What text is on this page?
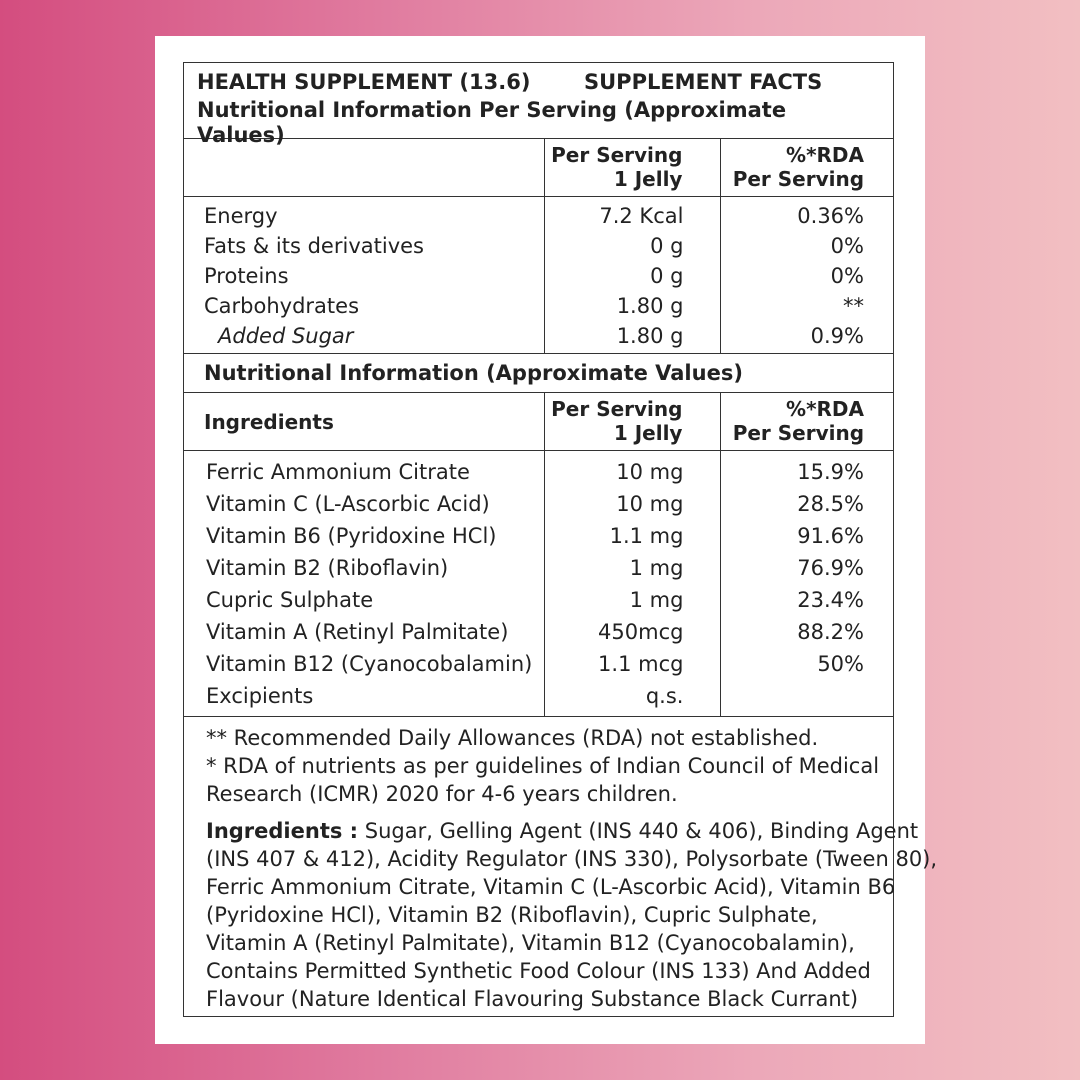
HEALTH SUPPLEMENT (13.6)	SUPPLEMENT FACTS
Nutritional Information Per Serving (Approximate Values)
Per Serving
1 Jelly
%*RDA
Per Serving
Energy
Fats & its derivatives
Proteins
Carbohydrates
Added Sugar
7.2 Kcal
0 g
0 g
1.80 g
1.80 g
0.36%
0%
0%
**
0.9%
Nutritional Information (Approximate Values)
Ingredients
Per Serving
1 Jelly
%*RDA
Per Serving
Ferric Ammonium Citrate
Vitamin C (L-Ascorbic Acid)
Vitamin B6 (Pyridoxine HCl)
Vitamin B2 (Riboflavin)
Cupric Sulphate
Vitamin A (Retinyl Palmitate)
Vitamin B12 (Cyanocobalamin)
Excipients
10 mg
10 mg
1.1 mg
1 mg
1 mg
450mcg
1.1 mcg
q.s.
15.9%
28.5%
91.6%
76.9%
23.4%
88.2%
50%
** Recommended Daily Allowances (RDA) not established.
* RDA of nutrients as per guidelines of Indian Council of Medical
Research (ICMR) 2020 for 4-6 years children.
Ingredients : Sugar, Gelling Agent (INS 440 & 406), Binding Agent
(INS 407 & 412), Acidity Regulator (INS 330), Polysorbate (Tween 80),
Ferric Ammonium Citrate, Vitamin C (L-Ascorbic Acid), Vitamin B6
(Pyridoxine HCl), Vitamin B2 (Riboflavin), Cupric Sulphate,
Vitamin A (Retinyl Palmitate), Vitamin B12 (Cyanocobalamin),
Contains Permitted Synthetic Food Colour (INS 133) And Added
Flavour (Nature Identical Flavouring Substance Black Currant)
